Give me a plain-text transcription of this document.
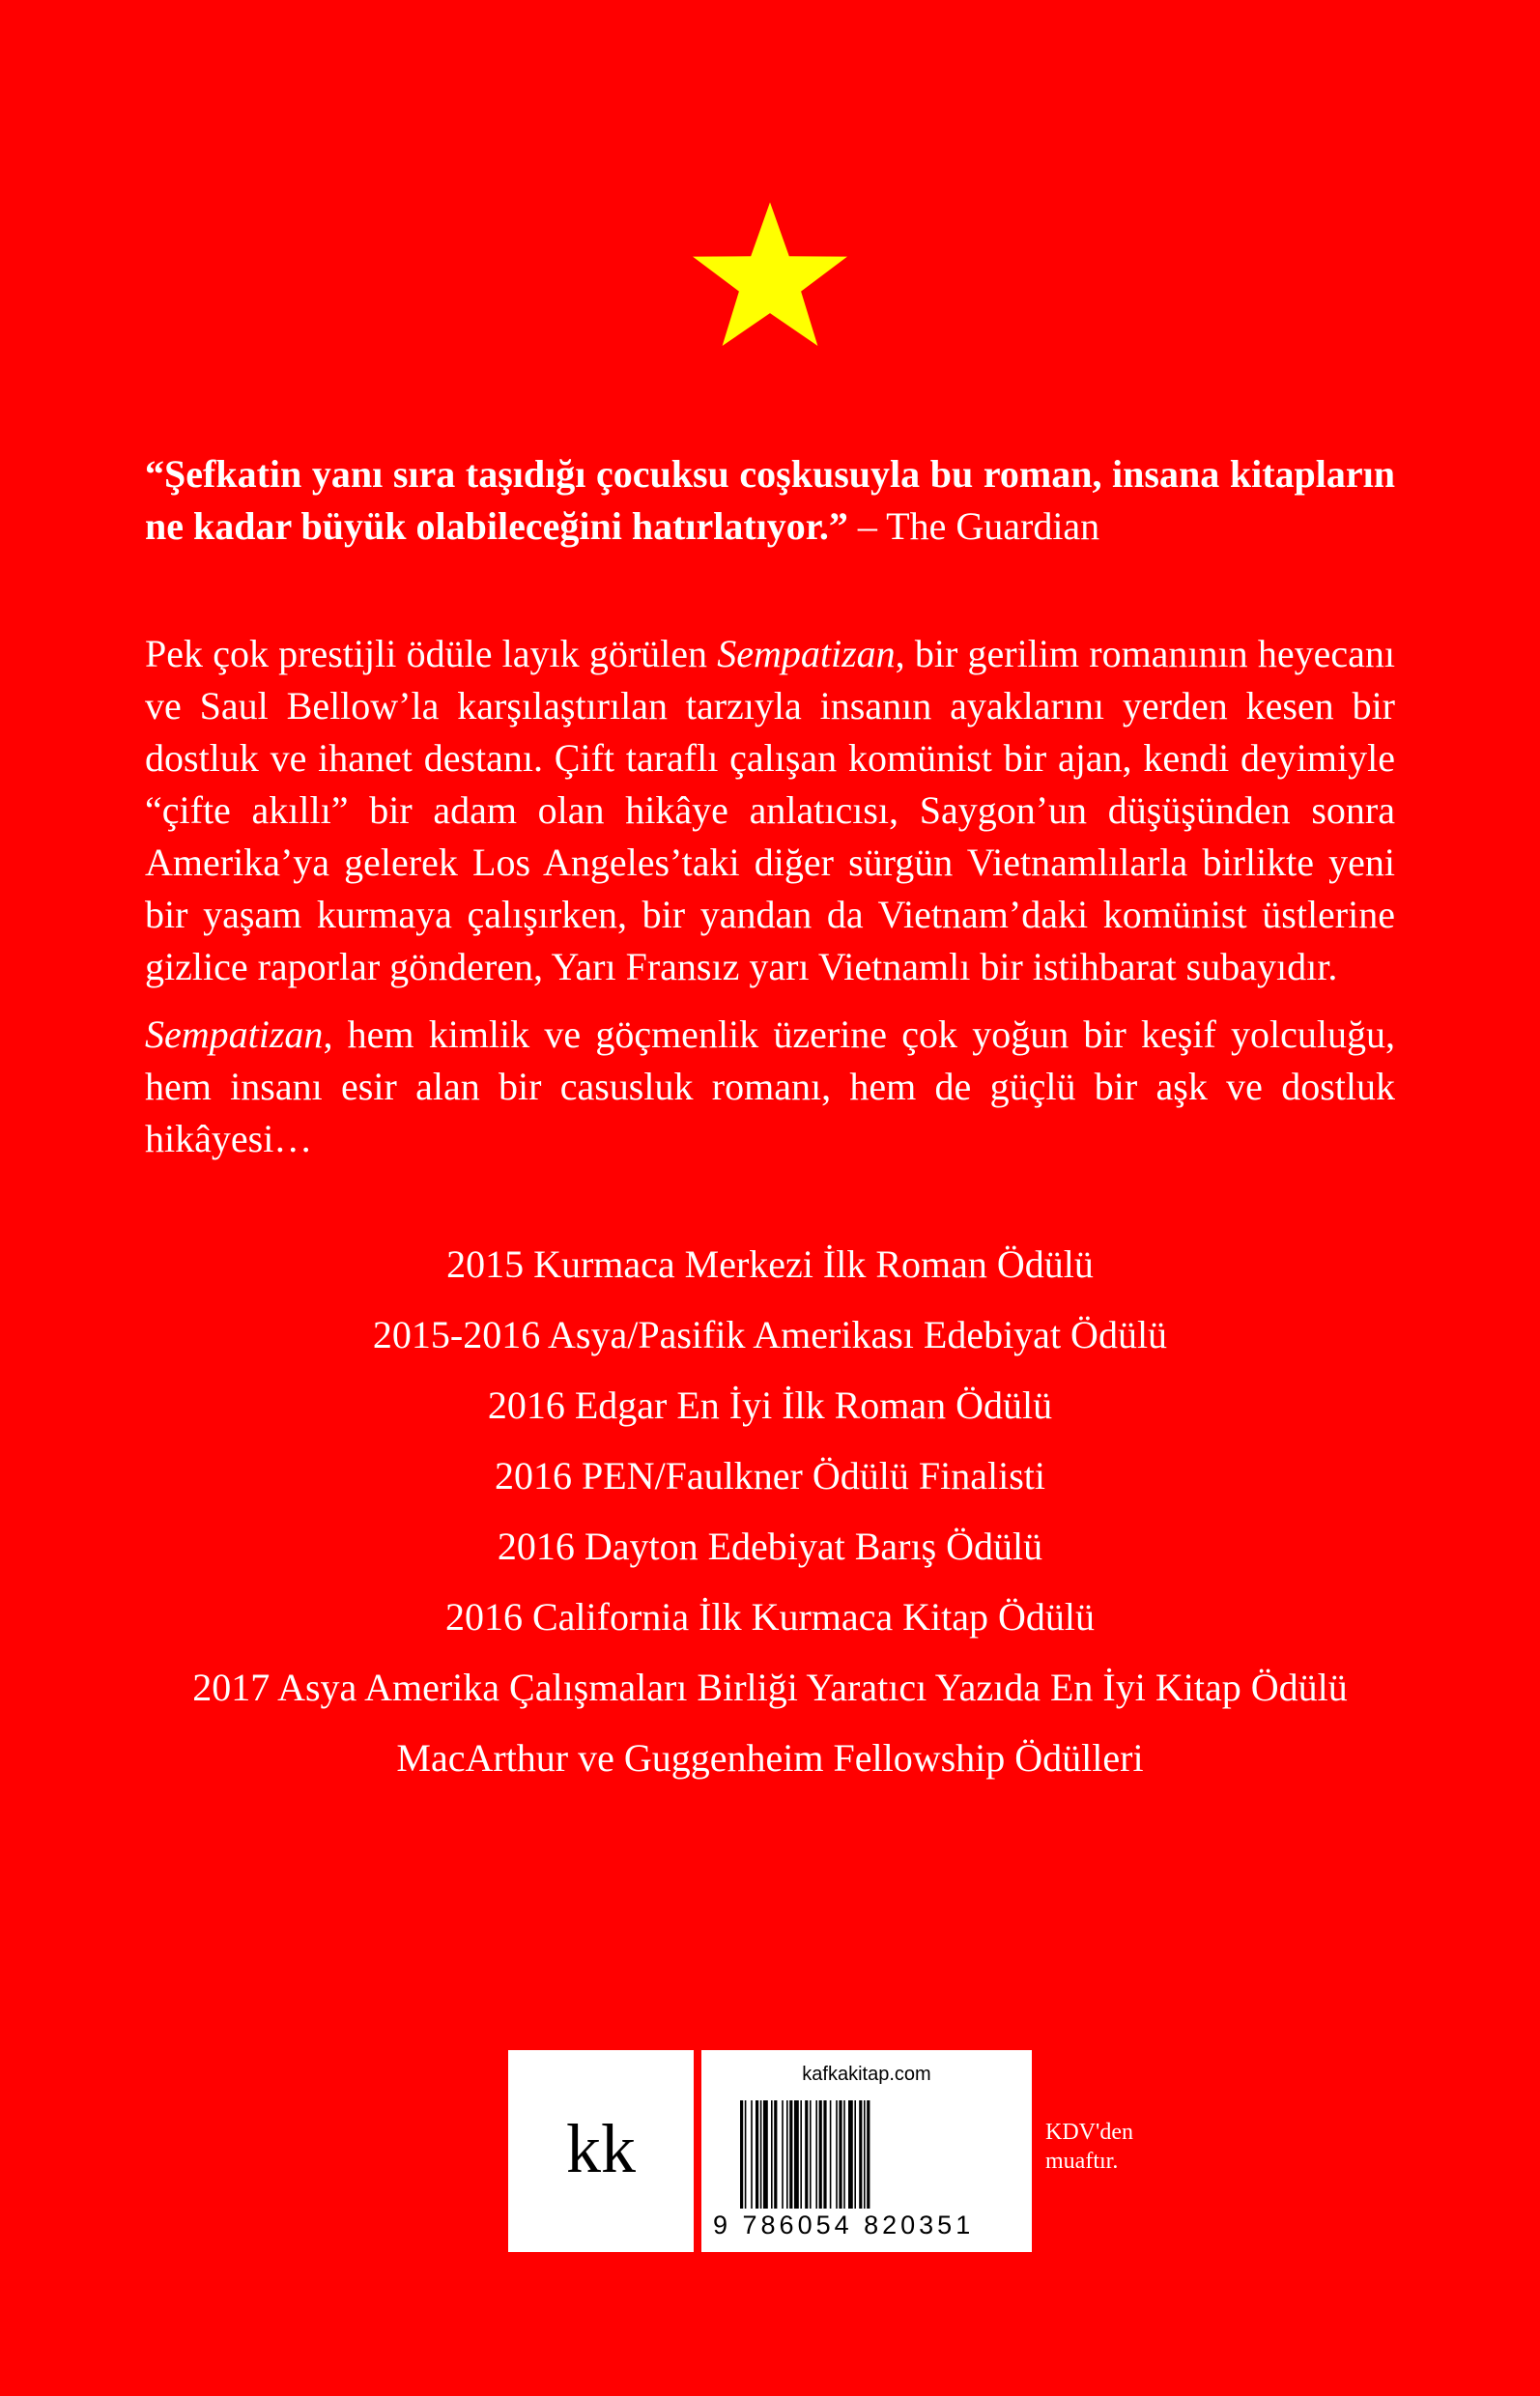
“Şefkatin yanı sıra taşıdığı çocuksu coşkusuyla bu roman, insana kitapların ne kadar büyük olabileceğini hatırlatıyor.” – The Guardian

Pek çok prestijli ödüle layık görülen Sempatizan, bir gerilim romanının heyecanı ve Saul Bellow’la karşılaştırılan tarzıyla insanın ayaklarını yerden kesen bir dostluk ve ihanet destanı. Çift taraflı çalışan komünist bir ajan, kendi deyimiyle “çifte akıllı” bir adam olan hikâye anlatıcısı, Saygon’un düşüşünden sonra Amerika’ya gelerek Los Angeles’taki diğer sürgün Vietnamlılarla birlikte yeni bir yaşam kurmaya çalışırken, bir yandan da Vietnam’daki komünist üstlerine gizlice raporlar gönderen, Yarı Fransız yarı Vietnamlı bir istihbarat subayıdır.

Sempatizan, hem kimlik ve göçmenlik üzerine çok yoğun bir keşif yolculuğu, hem insanı esir alan bir casusluk romanı, hem de güçlü bir aşk ve dostluk hikâyesi…

2015 Kurmaca Merkezi İlk Roman Ödülü
2015-2016 Asya/Pasifik Amerikası Edebiyat Ödülü
2016 Edgar En İyi İlk Roman Ödülü
2016 PEN/Faulkner Ödülü Finalisti
2016 Dayton Edebiyat Barış Ödülü
2016 California İlk Kurmaca Kitap Ödülü
2017 Asya Amerika Çalışmaları Birliği Yaratıcı Yazıda En İyi Kitap Ödülü
MacArthur ve Guggenheim Fellowship Ödülleri
kk
kafkakitap.com
9 786054 820351
KDV'den
muaftır.
